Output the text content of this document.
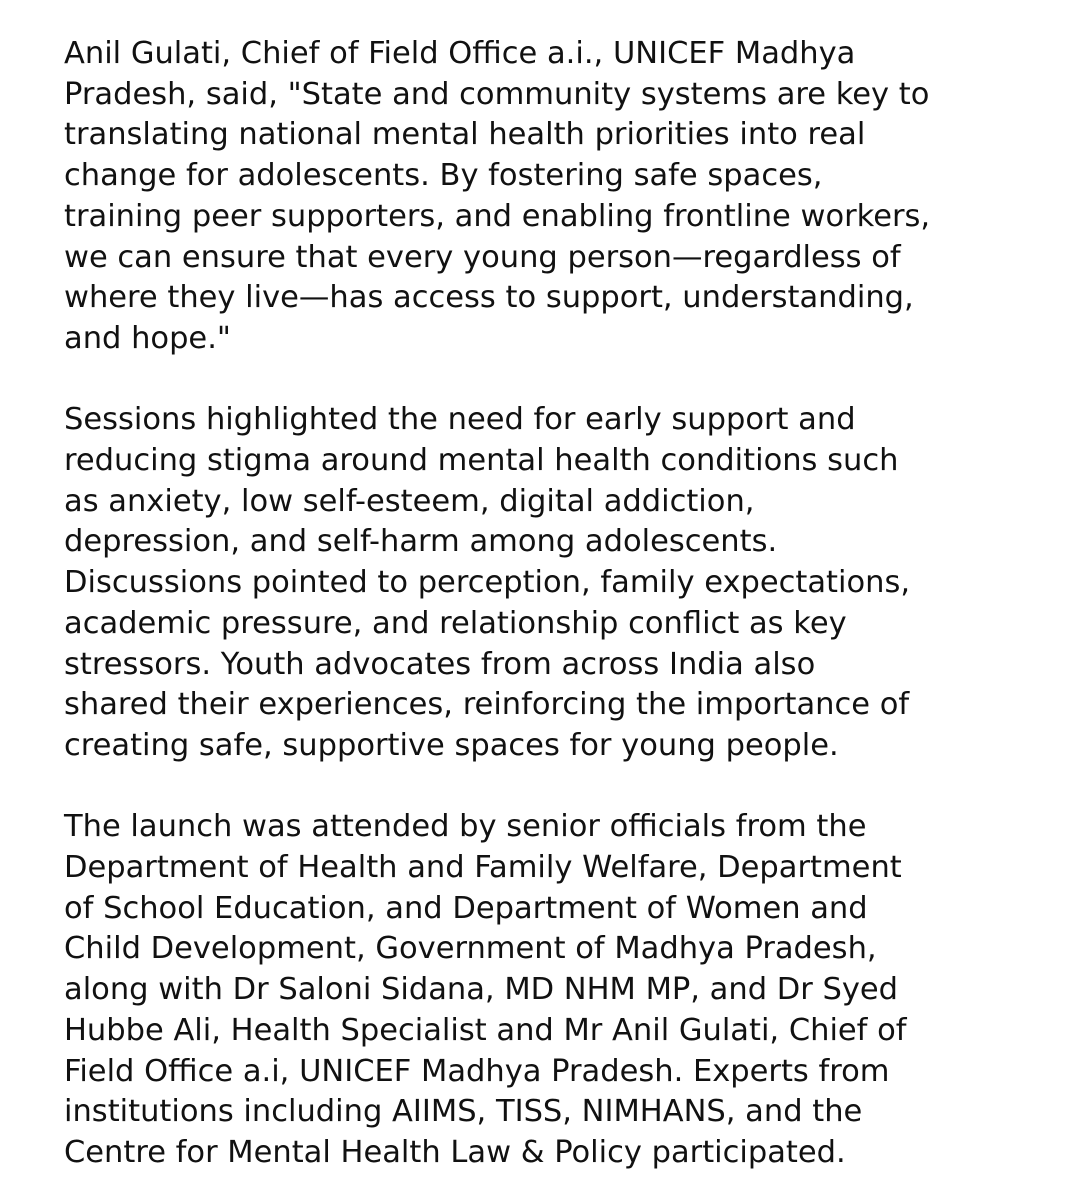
Anil Gulati, Chief of Field Office a.i., UNICEF Madhya
Pradesh, said, "State and community systems are key to
translating national mental health priorities into real
change for adolescents. By fostering safe spaces,
training peer supporters, and enabling frontline workers,
we can ensure that every young person—regardless of
where they live—has access to support, understanding,
and hope."

Sessions highlighted the need for early support and
reducing stigma around mental health conditions such
as anxiety, low self-esteem, digital addiction,
depression, and self-harm among adolescents.
Discussions pointed to perception, family expectations,
academic pressure, and relationship conflict as key
stressors. Youth advocates from across India also
shared their experiences, reinforcing the importance of
creating safe, supportive spaces for young people.

The launch was attended by senior officials from the
Department of Health and Family Welfare, Department
of School Education, and Department of Women and
Child Development, Government of Madhya Pradesh,
along with Dr Saloni Sidana, MD NHM MP, and Dr Syed
Hubbe Ali, Health Specialist and Mr Anil Gulati, Chief of
Field Office a.i, UNICEF Madhya Pradesh. Experts from
institutions including AIIMS, TISS, NIMHANS, and the
Centre for Mental Health Law & Policy participated.
